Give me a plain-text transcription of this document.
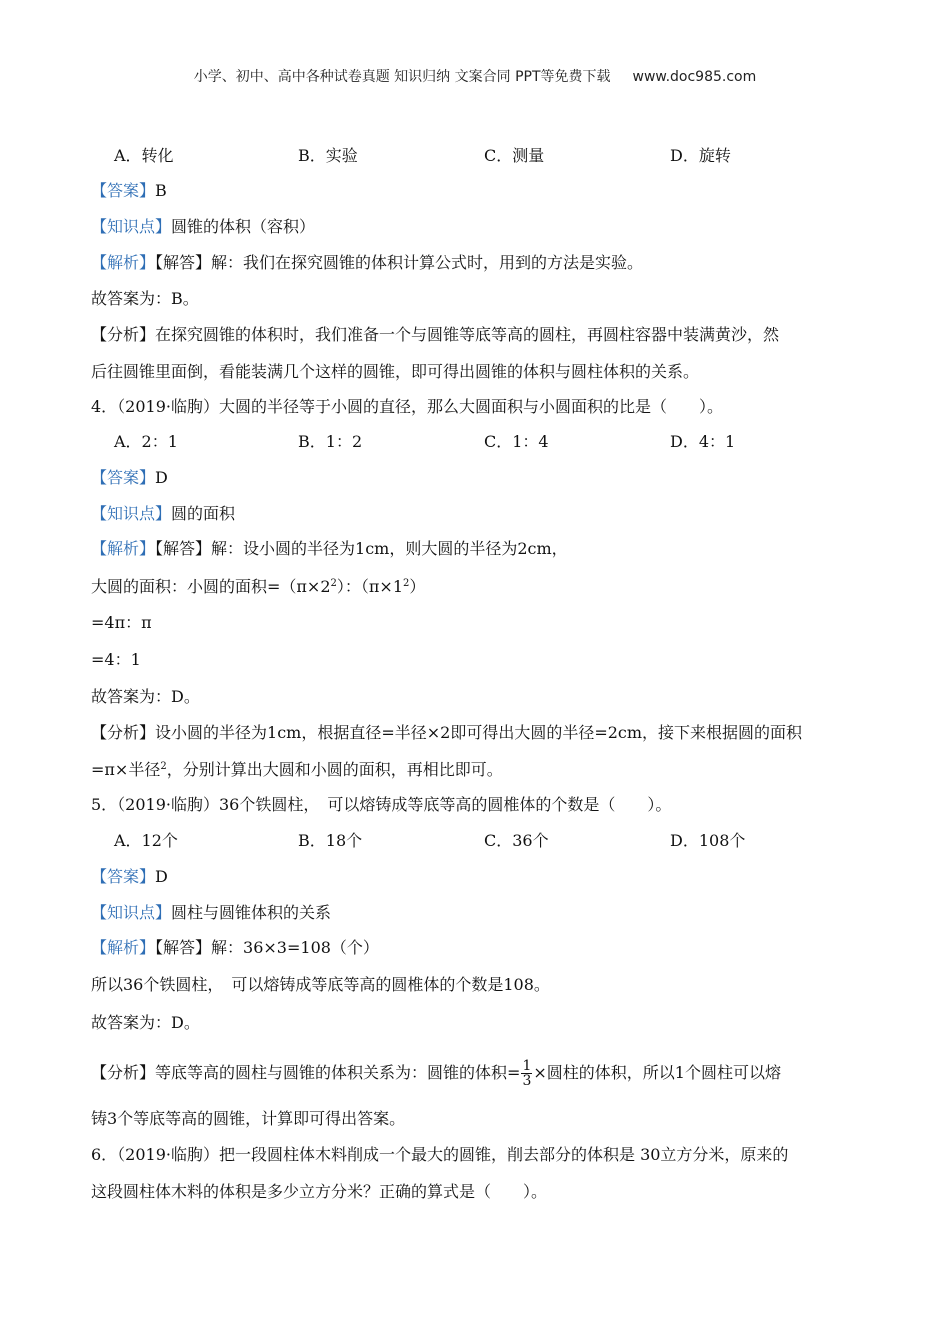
小学、初中、高中各种试卷真题 知识归纳 文案合同 PPT等免费下载 www.doc985.com
A．转化	B．实验	C．测量	D．旋转
【答案】B
【知识点】圆锥的体积（容积）
【解析】【解答】解：我们在探究圆锥的体积计算公式时，用到的方法是实验。
故答案为：B。
【分析】在探究圆锥的体积时，我们准备一个与圆锥等底等高的圆柱，再圆柱容器中装满黄沙，然
后往圆锥里面倒，看能装满几个这样的圆锥，即可得出圆锥的体积与圆柱体积的关系。
4．（2019·临朐）大圆的半径等于小圆的直径，那么大圆面积与小圆面积的比是（　　）。
A．2：1	B．1：2	C．1：4	D．4：1
【答案】D
【知识点】圆的面积
【解析】【解答】解：设小圆的半径为1cm，则大圆的半径为2cm，
大圆的面积：小圆的面积$=(\pi\times 2^2)$：$(\pi\times 1^2)$
=4π：π
=4：1
故答案为：D。
【分析】设小圆的半径为1cm，根据直径=半径×2即可得出大圆的半径=2cm，接下来根据圆的面积
=π×半径$^2$，分别计算出大圆和小圆的面积，再相比即可。
5．（2019·临朐）36个铁圆柱，　可以熔铸成等底等高的圆椎体的个数是（　　）。
A．12个	B．18个	C．36个	D．108个
【答案】D
【知识点】圆柱与圆锥体积的关系
【解析】【解答】解：36×3=108（个）
所以36个铁圆柱，　可以熔铸成等底等高的圆椎体的个数是108。
故答案为：D。
【分析】等底等高的圆柱与圆锥的体积关系为：圆锥的体积= $\frac{1}{3}$ ×圆柱的体积，所以1个圆柱可以熔
铸3个等底等高的圆锥，计算即可得出答案。
6．（2019·临朐）把一段圆柱体木料削成一个最大的圆锥，削去部分的体积是 30立方分米，原来的
这段圆柱体木料的体积是多少立方分米？正确的算式是（　　）。
